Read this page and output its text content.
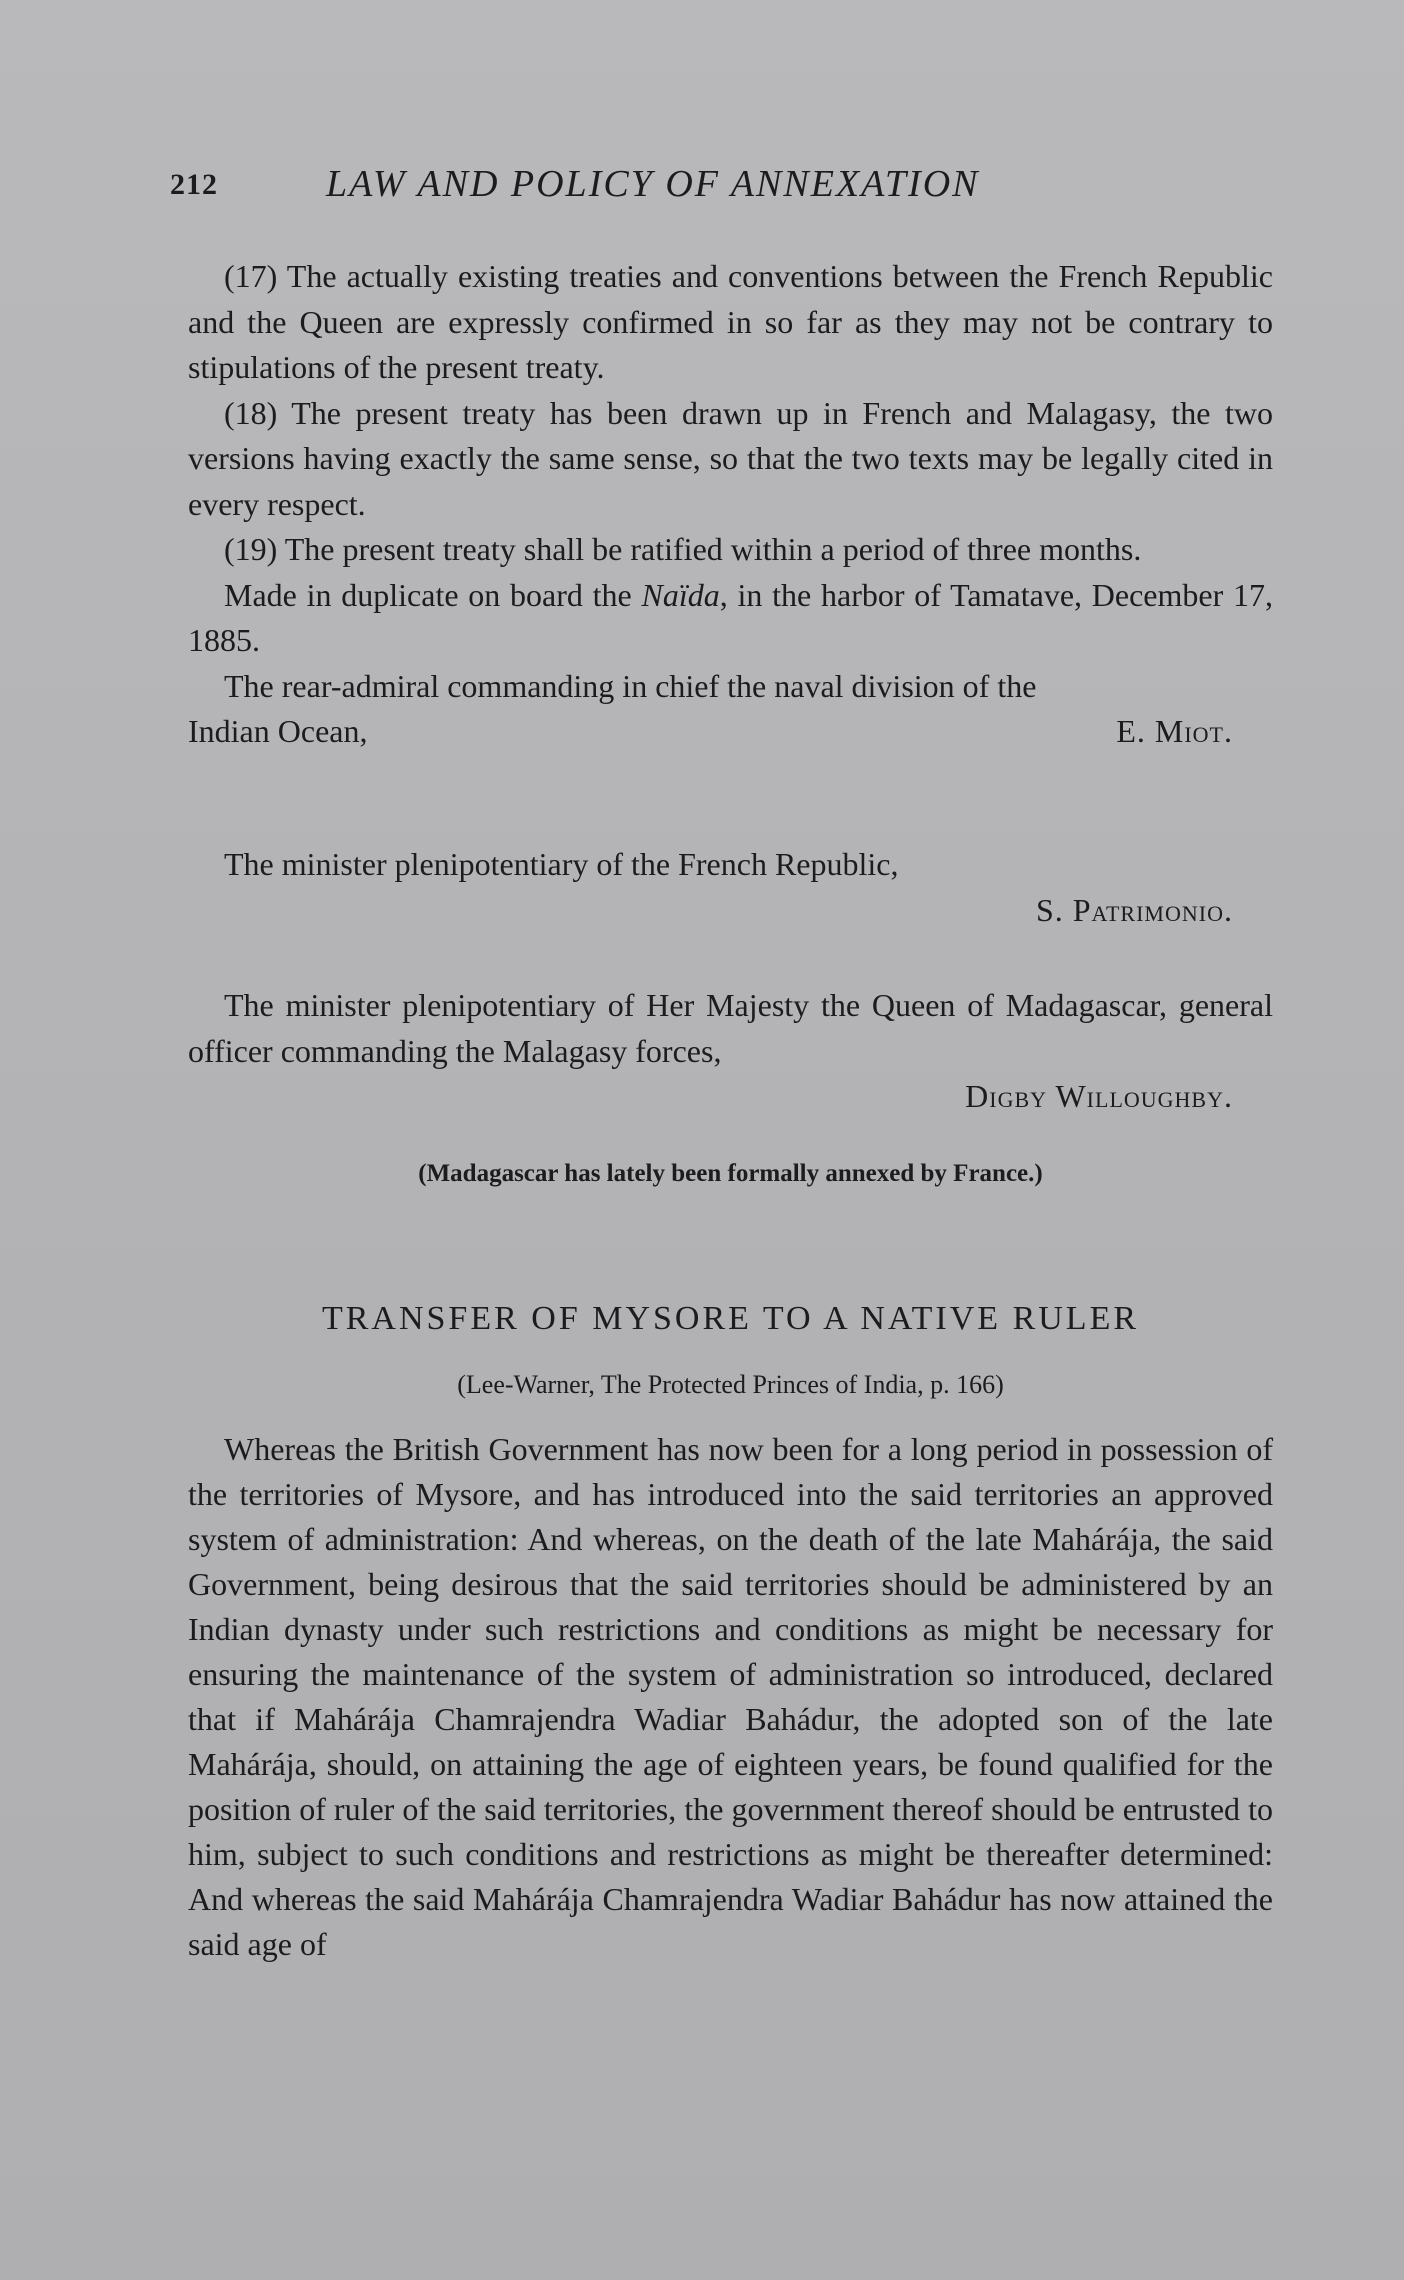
212	LAW AND POLICY OF ANNEXATION

(17) The actually existing treaties and conventions between the French Republic and the Queen are expressly confirmed in so far as they may not be contrary to stipulations of the present treaty.

(18) The present treaty has been drawn up in French and Malagasy, the two versions having exactly the same sense, so that the two texts may be legally cited in every respect.

(19) The present treaty shall be ratified within a period of three months.

Made in duplicate on board the Naïda, in the harbor of Tamatave, December 17, 1885.

The rear-admiral commanding in chief the naval division of the

Indian Ocean,	E. Miot.

The minister plenipotentiary of the French Republic,

S. Patrimonio.

The minister plenipotentiary of Her Majesty the Queen of Madagascar, general officer commanding the Malagasy forces,

Digby Willoughby.

(Madagascar has lately been formally annexed by France.)

TRANSFER OF MYSORE TO A NATIVE RULER

(Lee-Warner, The Protected Princes of India, p. 166)

Whereas the British Government has now been for a long period in possession of the territories of Mysore, and has introduced into the said territories an approved system of administration: And whereas, on the death of the late Mahárája, the said Government, being desirous that the said territories should be administered by an Indian dynasty under such restrictions and conditions as might be necessary for ensuring the maintenance of the system of administration so introduced, declared that if Mahárája Chamrajendra Wadiar Bahádur, the adopted son of the late Mahárája, should, on attaining the age of eighteen years, be found qualified for the position of ruler of the said territories, the government thereof should be entrusted to him, subject to such conditions and restrictions as might be thereafter determined: And whereas the said Mahárája Chamrajendra Wadiar Bahádur has now attained the said age of
